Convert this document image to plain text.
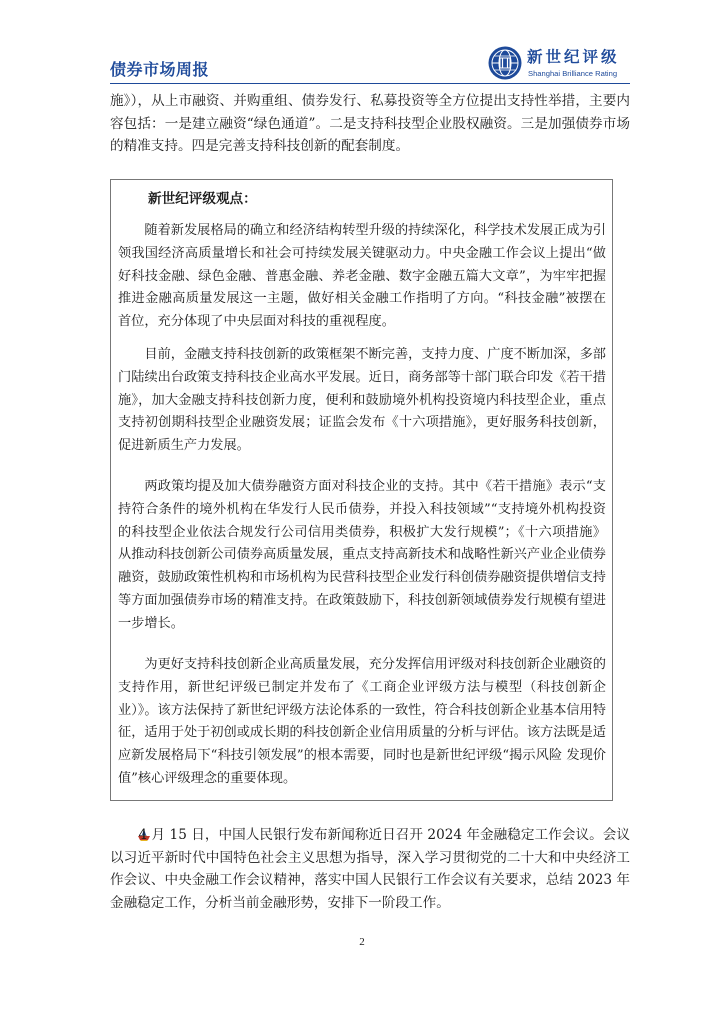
债券市场周报
新世纪评级
Shanghai Brilliance Rating

施》），从上市融资、并购重组、债券发行、私募投资等全方位提出支持性举措，主要内容包括：一是建立融资“绿色通道”。二是支持科技型企业股权融资。三是加强债券市场的精准支持。四是完善支持科技创新的配套制度。

新世纪评级观点：

随着新发展格局的确立和经济结构转型升级的持续深化，科学技术发展正成为引领我国经济高质量增长和社会可持续发展关键驱动力。中央金融工作会议上提出“做好科技金融、绿色金融、普惠金融、养老金融、数字金融五篇大文章”，为牢牢把握推进金融高质量发展这一主题，做好相关金融工作指明了方向。“科技金融”被摆在首位，充分体现了中央层面对科技的重视程度。

目前，金融支持科技创新的政策框架不断完善，支持力度、广度不断加深，多部门陆续出台政策支持科技企业高水平发展。近日，商务部等十部门联合印发《若干措施》，加大金融支持科技创新力度，便利和鼓励境外机构投资境内科技型企业，重点支持初创期科技型企业融资发展；证监会发布《十六项措施》，更好服务科技创新，促进新质生产力发展。

两政策均提及加大债券融资方面对科技企业的支持。其中《若干措施》表示“支持符合条件的境外机构在华发行人民币债券，并投入科技领域”“支持境外机构投资的科技型企业依法合规发行公司信用类债券，积极扩大发行规模”；《十六项措施》从推动科技创新公司债券高质量发展，重点支持高新技术和战略性新兴产业企业债券融资，鼓励政策性机构和市场机构为民营科技型企业发行科创债券融资提供增信支持等方面加强债券市场的精准支持。在政策鼓励下，科技创新领域债券发行规模有望进一步增长。

为更好支持科技创新企业高质量发展，充分发挥信用评级对科技创新企业融资的支持作用，新世纪评级已制定并发布了《工商企业评级方法与模型（科技创新企业）》。该方法保持了新世纪评级方法论体系的一致性，符合科技创新企业基本信用特征，适用于处于初创或成长期的科技创新企业信用质量的分析与评估。该方法既是适应新发展格局下“科技引领发展”的根本需要，同时也是新世纪评级“揭示风险 发现价值”核心评级理念的重要体现。

4 月 15 日，中国人民银行发布新闻称近日召开 2024 年金融稳定工作会议。会议以习近平新时代中国特色社会主义思想为指导，深入学习贯彻党的二十大和中央经济工作会议、中央金融工作会议精神，落实中国人民银行工作会议有关要求，总结 2023 年金融稳定工作，分析当前金融形势，安排下一阶段工作。

2
